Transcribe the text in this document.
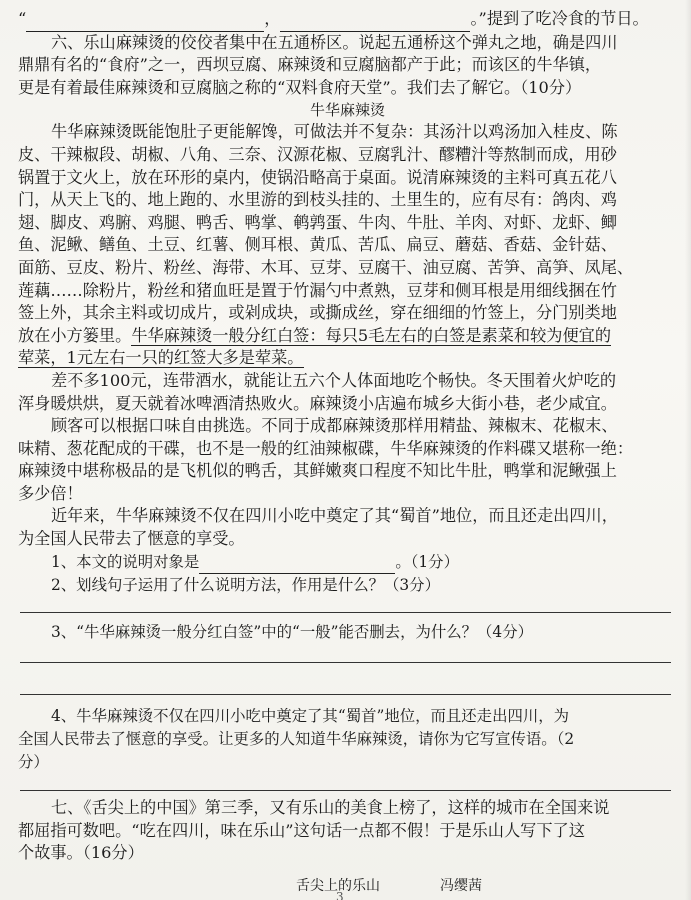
“	，	。”提到了吃冷食的节日。
六、乐山麻辣烫的佼佼者集中在五通桥区。说起五通桥这个弹丸之地，确是四川
鼎鼎有名的“食府”之一，西坝豆腐、麻辣烫和豆腐脑都产于此；而该区的牛华镇，
更是有着最佳麻辣烫和豆腐脑之称的“双料食府天堂”。我们去了解它。（10分）
牛华麻辣烫
牛华麻辣烫既能饱肚子更能解馋，可做法并不复杂：其汤汁以鸡汤加入桂皮、陈
皮、干辣椒段、胡椒、八角、三奈、汉源花椒、豆腐乳汁、醪糟汁等熬制而成，用砂
锅置于文火上，放在环形的桌内，使锅沿略高于桌面。说清麻辣烫的主料可真五花八
门，从天上飞的、地上跑的、水里游的到枝头挂的、土里生的，应有尽有：鸽肉、鸡
翅、脚皮、鸡腑、鸡腿、鸭舌、鸭掌、鹌鹑蛋、牛肉、牛肚、羊肉、对虾、龙虾、鲫
鱼、泥鳅、鳝鱼、土豆、红薯、侧耳根、黄瓜、苦瓜、扁豆、蘑菇、香菇、金针菇、
面筋、豆皮、粉片、粉丝、海带、木耳、豆芽、豆腐干、油豆腐、苦笋、高笋、凤尾、
莲藕……除粉片，粉丝和猪血旺是置于竹漏勺中煮熟，豆芽和侧耳根是用细线捆在竹
签上外，其余主料或切成片，或剁成块，或撕成丝，穿在细细的竹签上，分门别类地
放在小方篓里。牛华麻辣烫一般分红白签：每只5毛左右的白签是素菜和较为便宜的
荤菜，1元左右一只的红签大多是荤菜。
差不多100元，连带酒水，就能让五六个人体面地吃个畅快。冬天围着火炉吃的
浑身暖烘烘，夏天就着冰啤酒清热败火。麻辣烫小店遍布城乡大街小巷，老少咸宜。
顾客可以根据口味自由挑选。不同于成都麻辣烫那样用精盐、辣椒末、花椒末、
味精、葱花配成的干碟，也不是一般的红油辣椒碟，牛华麻辣烫的作料碟又堪称一绝：
麻辣烫中堪称极品的是飞机似的鸭舌，其鲜嫩爽口程度不知比牛肚，鸭掌和泥鳅强上
多少倍！
近年来，牛华麻辣烫不仅在四川小吃中奠定了其“蜀首”地位，而且还走出四川，
为全国人民带去了惬意的享受。
1、本文的说明对象是	。（1分）
2、划线句子运用了什么说明方法，作用是什么？（3分）
3、“牛华麻辣烫一般分红白签”中的“一般”能否删去，为什么？（4分）
4、牛华麻辣烫不仅在四川小吃中奠定了其“蜀首”地位，而且还走出四川，为
全国人民带去了惬意的享受。让更多的人知道牛华麻辣烫，请你为它写宣传语。（2
分）
七、《舌尖上的中国》第三季，又有乐山的美食上榜了，这样的城市在全国来说
都屈指可数吧。“吃在四川，味在乐山”这句话一点都不假！于是乐山人写下了这
个故事。（16分）
舌尖上的乐山	冯缨茜
3
